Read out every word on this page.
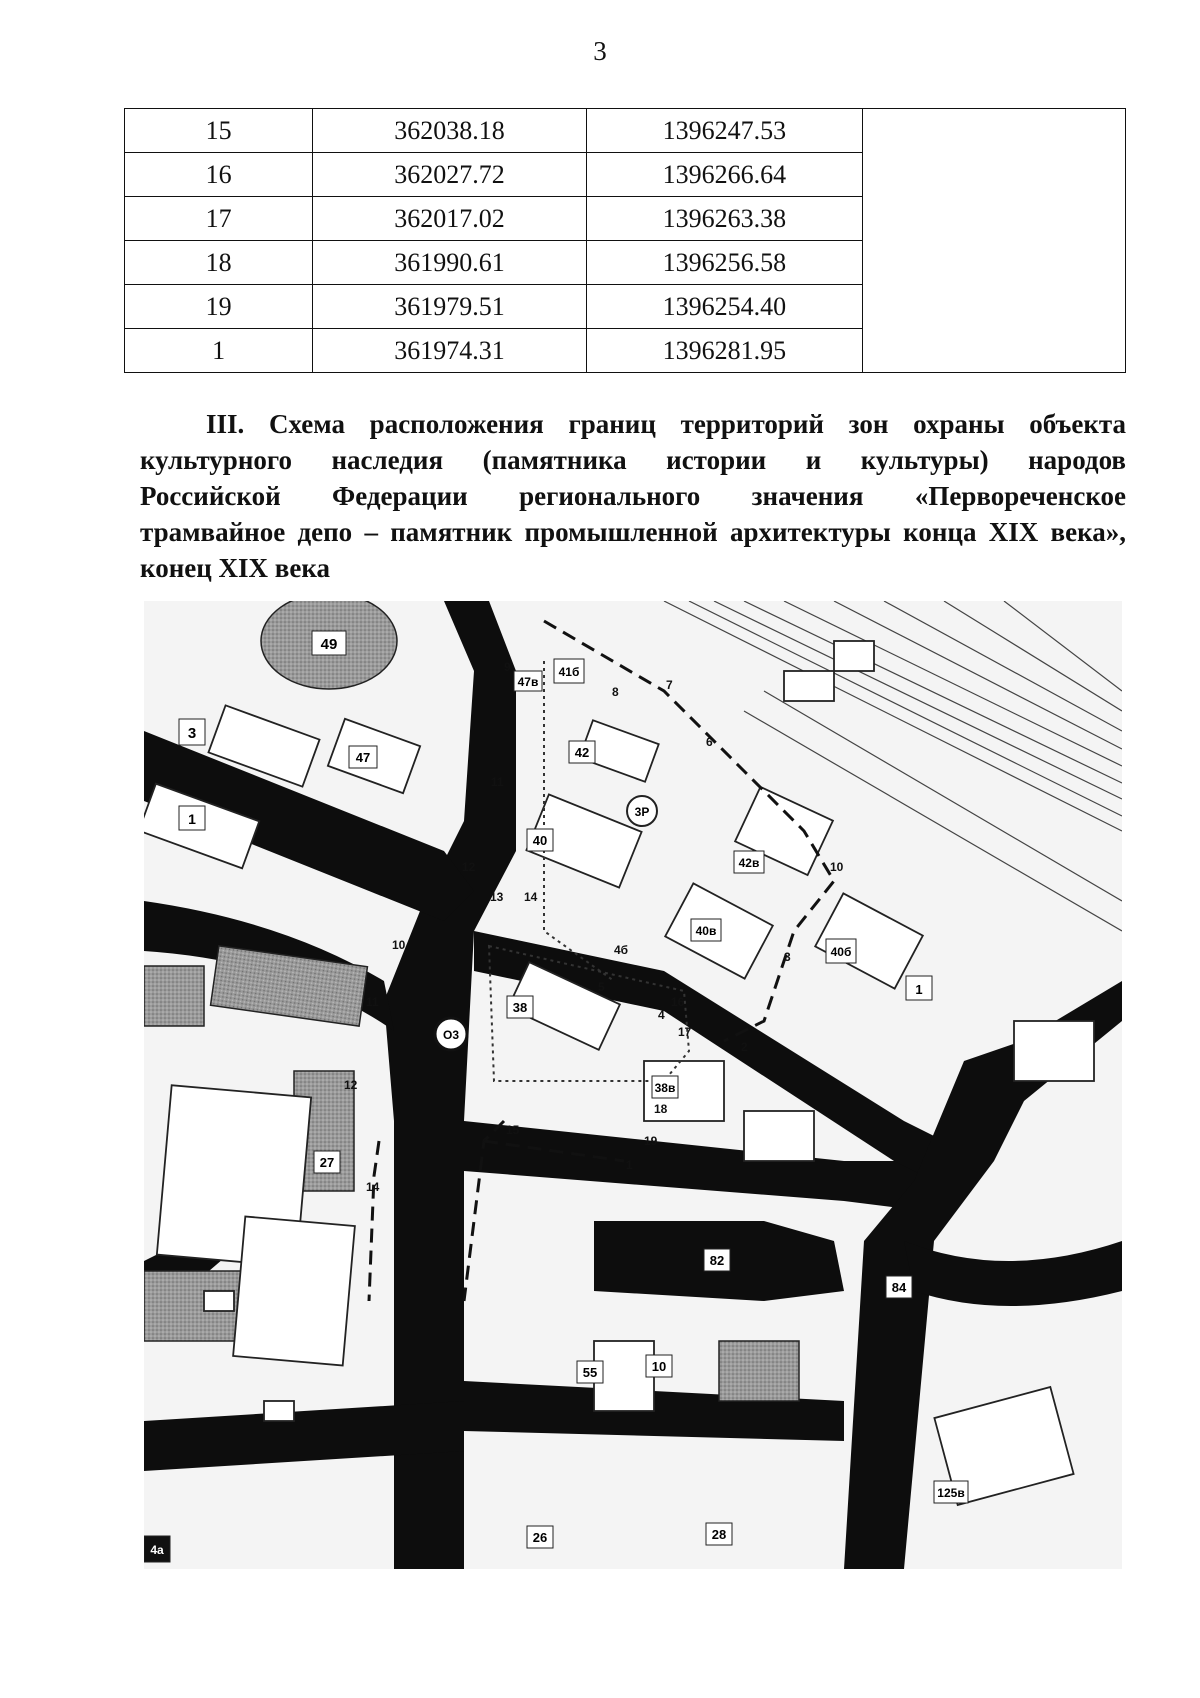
3
15	362038.18	1396247.53	
16	362027.72	1396266.64	
17	362017.02	1396263.38	
18	361990.61	1396256.58	
19	361979.51	1396254.40	
1	361974.31	1396281.95	
III. Схема расположения границ территорий зон охраны объекта
культурного наследия (памятника истории и культуры) народов
Российской Федерации регионального значения «Первореченское
трамвайное депо – памятник промышленной архитектуры конца XIX века»,
конец XIX века
49
3
47
47в
41б
42
1
40
3Р
42в
40в
40б
1
38
О3
38в
27
82
84
10
55
26	28
125в
4а
8	7
9
6
10
11
12
13 14
5
4
16
17
2
3
1
18
19
15
10
11
12
14
4б
